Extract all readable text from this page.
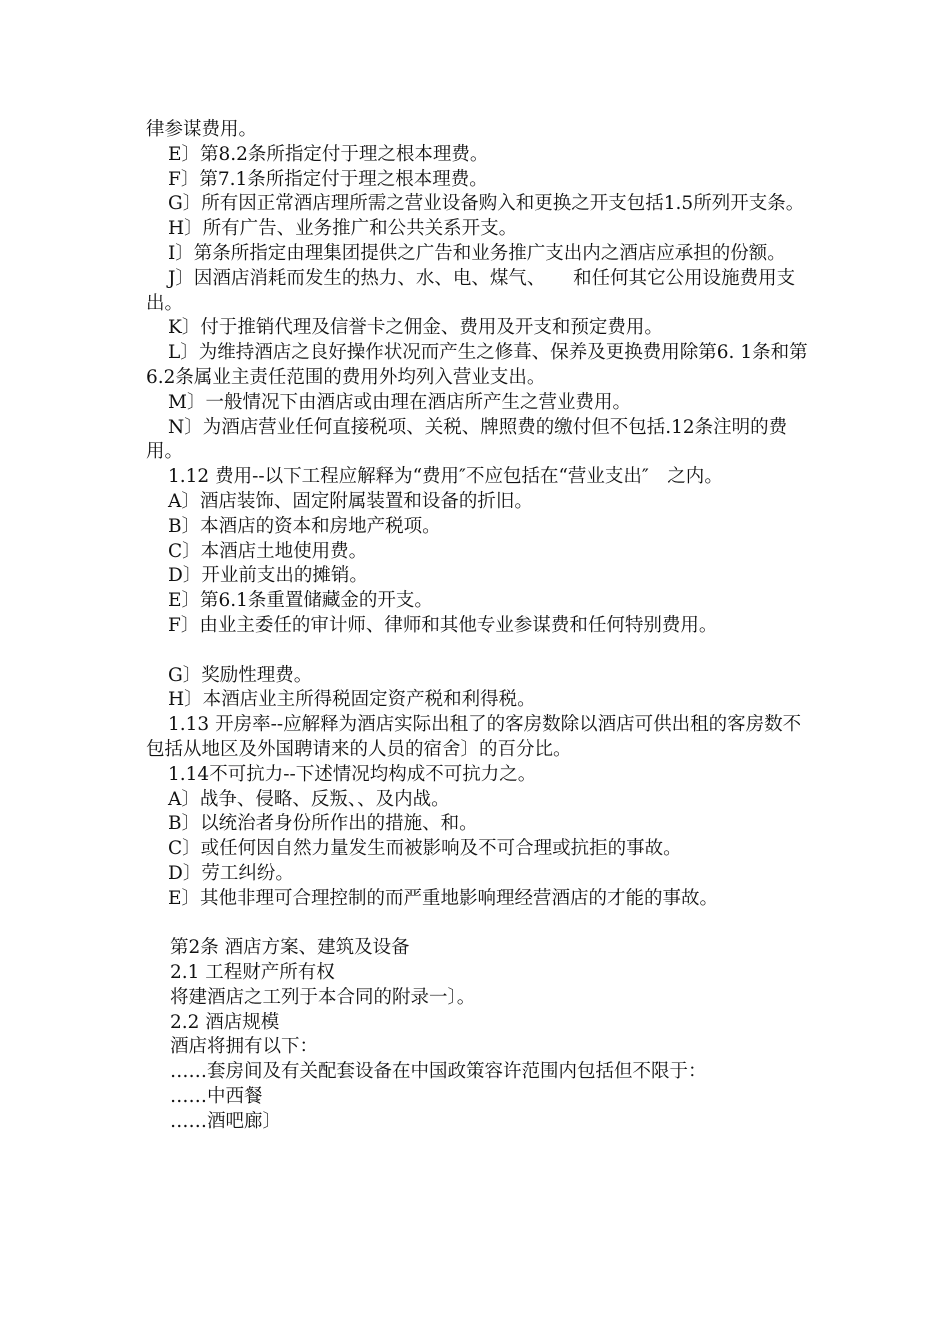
律参谋费用。

E〕第8.2条所指定付于理之根本理费。

F〕第7.1条所指定付于理之根本理费。

G〕所有因正常酒店理所需之营业设备购入和更换之开支包括1.5所列开支条。

H〕所有广告、业务推广和公共关系开支。

I〕第条所指定由理集团提供之广告和业务推广支出内之酒店应承担的份额。

J〕因酒店消耗而发生的热力、水、电、煤气、　　和任何其它公用设施费用支出。

K〕付于推销代理及信誉卡之佣金、费用及开支和预定费用。

L〕为维持酒店之良好操作状况而产生之修葺、保养及更换费用除第6. 1条和第6.2条属业主责任范围的费用外均列入营业支出。

M〕一般情况下由酒店或由理在酒店所产生之营业费用。

N〕为酒店营业任何直接税项、关税、牌照费的缴付但不包括.12条注明的费用。

1.12 费用--以下工程应解释为“费用″不应包括在“营业支出″　之内。

A〕酒店装饰、固定附属装置和设备的折旧。

B〕本酒店的资本和房地产税项。

C〕本酒店土地使用费。

D〕开业前支出的摊销。

E〕第6.1条重置储藏金的开支。

F〕由业主委任的审计师、律师和其他专业参谋费和任何特别费用。

G〕奖励性理费。

H〕本酒店业主所得税固定资产税和利得税。

1.13 开房率--应解释为酒店实际出租了的客房数除以酒店可供出租的客房数不包括从地区及外国聘请来的人员的宿舍〕的百分比。

1.14不可抗力--下述情况均构成不可抗力之。

A〕战争、侵略、反叛、、及内战。

B〕以统治者身份所作出的措施、和。

C〕或任何因自然力量发生而被影响及不可合理或抗拒的事故。

D〕劳工纠纷。

E〕其他非理可合理控制的而严重地影响理经营酒店的才能的事故。

第2条 酒店方案、建筑及设备

2.1 工程财产所有权

将建酒店之工列于本合同的附录一〕。

2.2 酒店规模

酒店将拥有以下：

……套房间及有关配套设备在中国政策容许范围内包括但不限于：

……中西餐

……酒吧廊〕
